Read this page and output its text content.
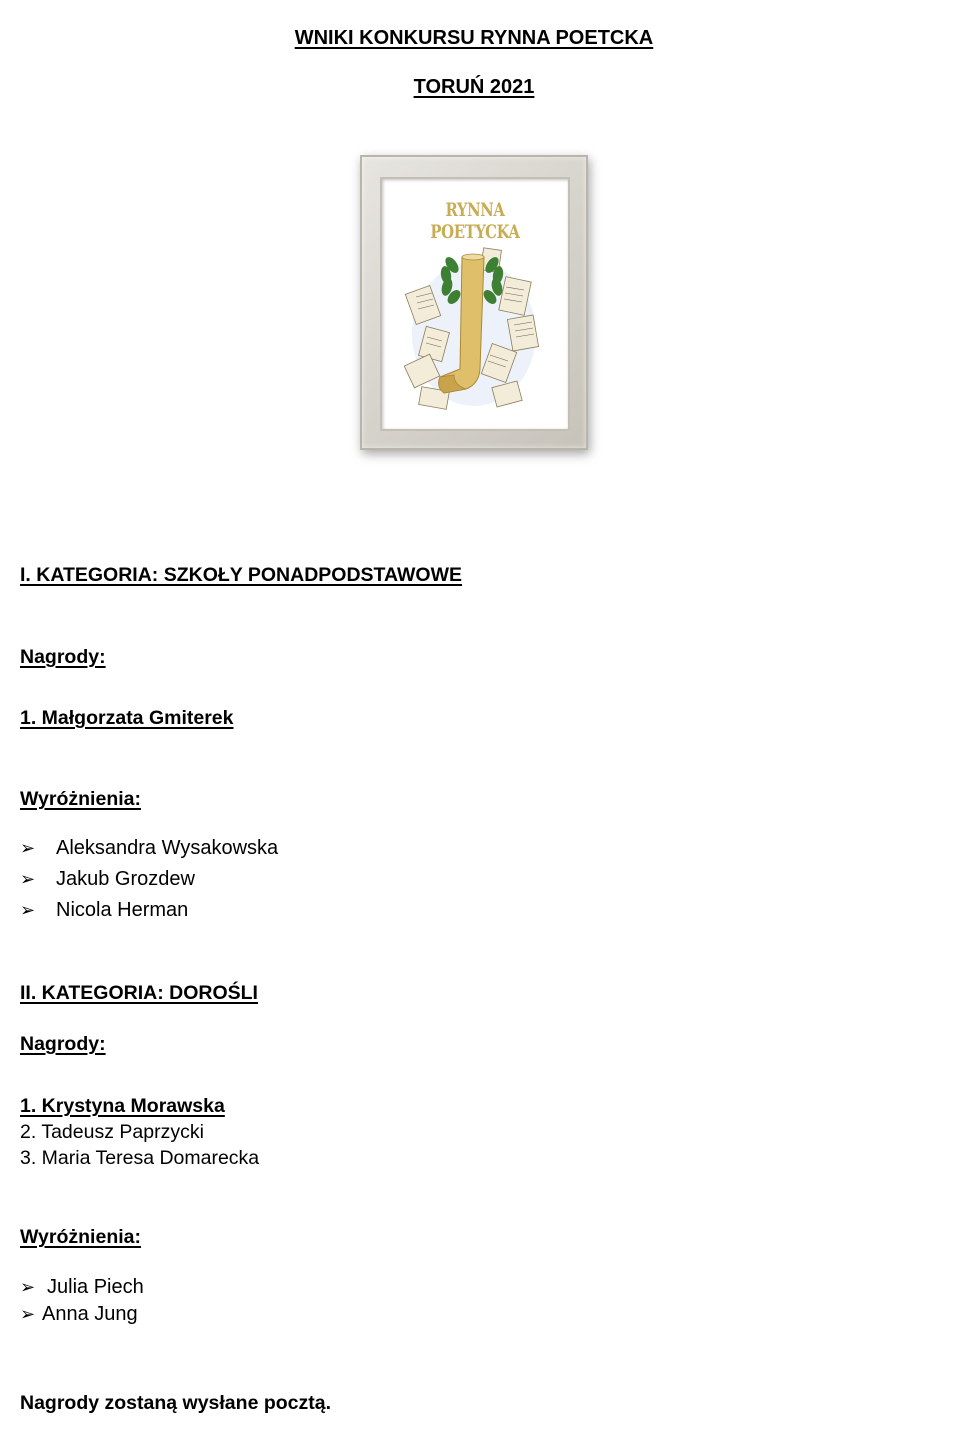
WNIKI KONKURSU RYNNA POETCKA
TORUŃ 2021
RYNNA POETYCKA
I. KATEGORIA: SZKOŁY PONADPODSTAWOWE
Nagrody:
1. Małgorzata Gmiterek
Wyróżnienia:
➢	Aleksandra Wysakowska
➢	Jakub Grozdew
➢	Nicola Herman
II. KATEGORIA: DOROŚLI
Nagrody:
1. Krystyna Morawska
2. Tadeusz Paprzycki
3. Maria Teresa Domarecka
Wyróżnienia:
➢ Julia Piech
➢ Anna Jung
Nagrody zostaną wysłane pocztą.
